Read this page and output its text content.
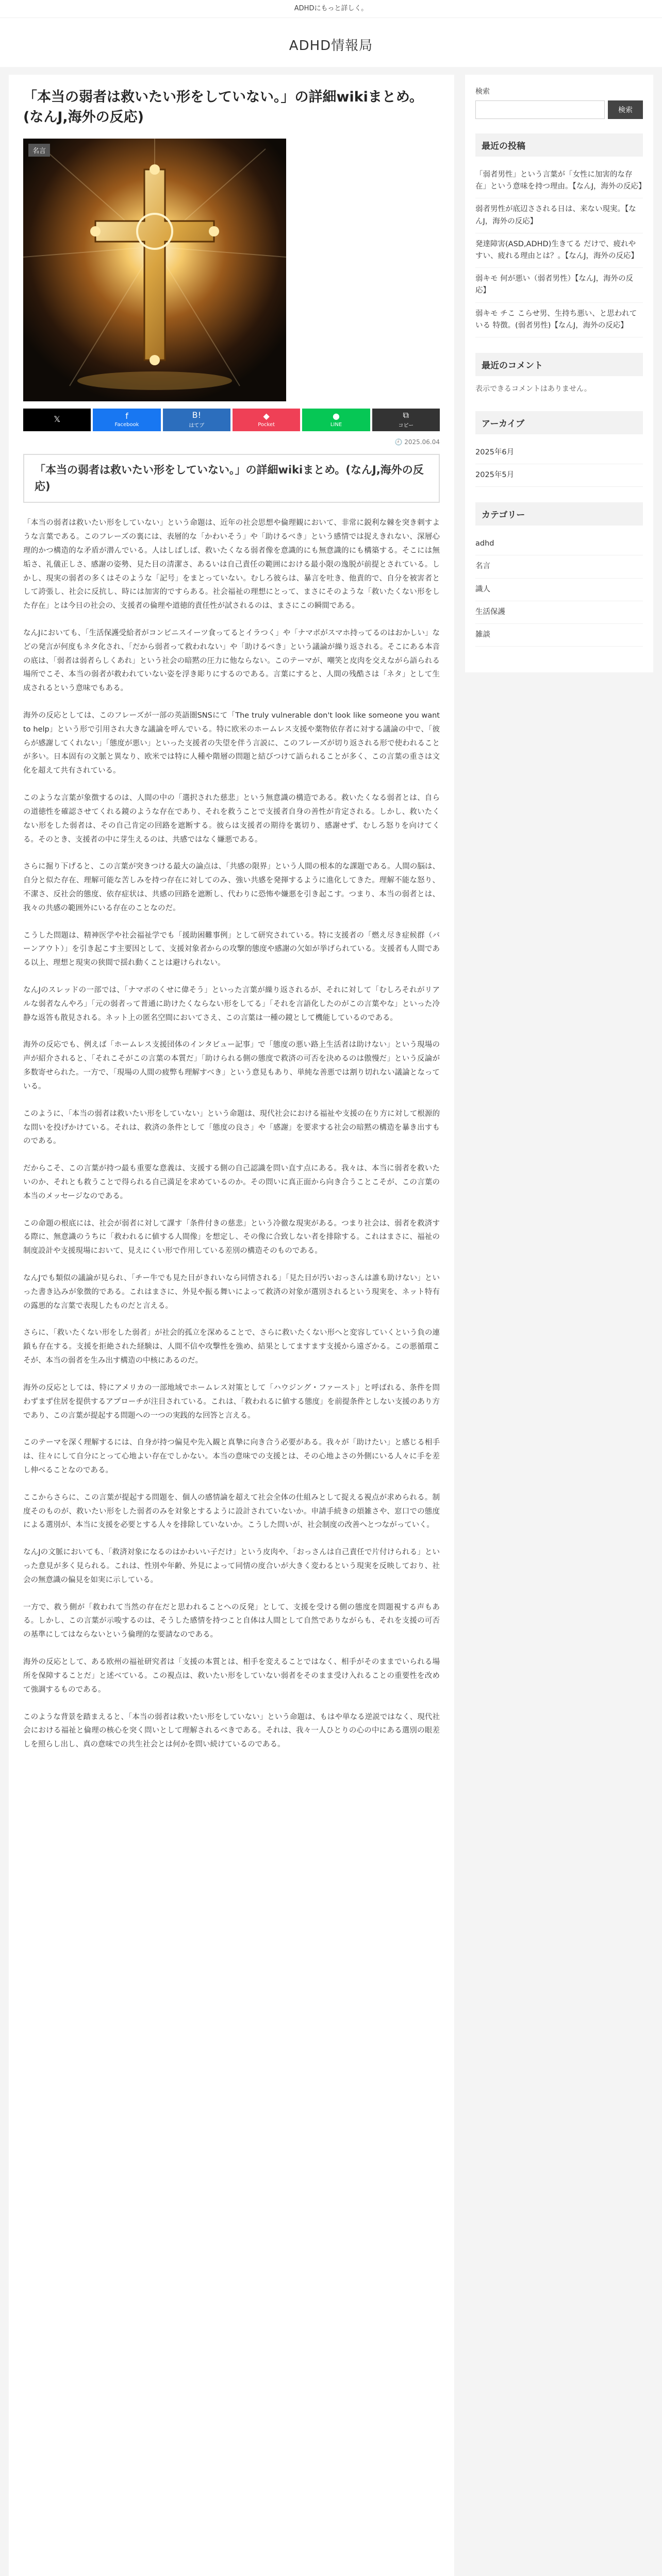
ADHDにもっと詳しく。
ADHD情報局
「本当の弱者は救いたい形をしていない。」の詳細wikiまとめ。(なんJ,海外の反応)
名言
𝕏	f
Facebook
B!
はてブ
◆
Pocket
●
LINE
⧉
コピー
🕘 2025.06.04
「本当の弱者は救いたい形をしていない。」の詳細wikiまとめ。(なんJ,海外の反応)

「本当の弱者は救いたい形をしていない」という命題は、近年の社会思想や倫理観において、非常に鋭利な棘を突き刺すような言葉である。このフレーズの裏には、表層的な「かわいそう」や「助けるべき」という感情では捉えきれない、深層心理的かつ構造的な矛盾が潜んでいる。人はしばしば、救いたくなる弱者像を意識的にも無意識的にも構築する。そこには無垢さ、礼儀正しさ、感謝の姿勢、見た目の清潔さ、あるいは自己責任の範囲における最小限の逸脱が前提とされている。しかし、現実の弱者の多くはそのような「記号」をまとっていない。むしろ彼らは、暴言を吐き、他責的で、自分を被害者として誇張し、社会に反抗し、時には加害的ですらある。社会福祉の理想にとって、まさにそのような「救いたくない形をした存在」とは今日の社会の、支援者の倫理や道徳的責任性が試されるのは、まさにこの瞬間である。

なんJにおいても、「生活保護受給者がコンビニスイーツ食ってるとイラつく」や「ナマポがスマホ持ってるのはおかしい」などの発言が何度もネタ化され、「だから弱者って救われない」や「助けるべき」という議論が繰り返される。そこにある本音の底は、「弱者は弱者らしくあれ」という社会の暗黙の圧力に他ならない。このテーマが、嘲笑と皮肉を交えながら語られる場所でこそ、本当の弱者が救われていない姿を浮き彫りにするのである。言葉にすると、人間の残酷さは「ネタ」として生成されるという意味でもある。

海外の反応としては、このフレーズが一部の英語圏SNSにて「The truly vulnerable don't look like someone you want to help」という形で引用され大きな議論を呼んでいる。特に欧米のホームレス支援や薬物依存者に対する議論の中で、「彼らが感謝してくれない」「態度が悪い」といった支援者の失望を伴う言説に、このフレーズが切り返される形で使われることが多い。日本固有の文脈と異なり、欧米では特に人種や階層の問題と結びつけて語られることが多く、この言葉の重さは文化を超えて共有されている。

このような言葉が象徴するのは、人間の中の「選択された慈悲」という無意識の構造である。救いたくなる弱者とは、自らの道徳性を確認させてくれる鏡のような存在であり、それを救うことで支援者自身の善性が肯定される。しかし、救いたくない形をした弱者は、その自己肯定の回路を遮断する。彼らは支援者の期待を裏切り、感謝せず、むしろ怒りを向けてくる。そのとき、支援者の中に芽生えるのは、共感ではなく嫌悪である。

さらに掘り下げると、この言葉が突きつける最大の論点は、「共感の限界」という人間の根本的な課題である。人間の脳は、自分と似た存在、理解可能な苦しみを持つ存在に対してのみ、強い共感を発揮するように進化してきた。理解不能な怒り、不潔さ、反社会的態度、依存症状は、共感の回路を遮断し、代わりに恐怖や嫌悪を引き起こす。つまり、本当の弱者とは、我々の共感の範囲外にいる存在のことなのだ。

こうした問題は、精神医学や社会福祉学でも「援助困難事例」として研究されている。特に支援者の「燃え尽き症候群（バーンアウト）」を引き起こす主要因として、支援対象者からの攻撃的態度や感謝の欠如が挙げられている。支援者も人間である以上、理想と現実の狭間で揺れ動くことは避けられない。

なんJのスレッドの一部では、「ナマポのくせに偉そう」といった言葉が繰り返されるが、それに対して「むしろそれがリアルな弱者なんやろ」「元の弱者って普通に助けたくならない形をしてる」「それを言語化したのがこの言葉やな」といった冷静な返答も散見される。ネット上の匿名空間においてさえ、この言葉は一種の鏡として機能しているのである。

海外の反応でも、例えば「ホームレス支援団体のインタビュー記事」で「態度の悪い路上生活者は助けない」という現場の声が紹介されると、「それこそがこの言葉の本質だ」「助けられる側の態度で救済の可否を決めるのは傲慢だ」という反論が多数寄せられた。一方で、「現場の人間の疲弊も理解すべき」という意見もあり、単純な善悪では割り切れない議論となっている。

このように、「本当の弱者は救いたい形をしていない」という命題は、現代社会における福祉や支援の在り方に対して根源的な問いを投げかけている。それは、救済の条件として「態度の良さ」や「感謝」を要求する社会の暗黙の構造を暴き出すものである。

だからこそ、この言葉が持つ最も重要な意義は、支援する側の自己認識を問い直す点にある。我々は、本当に弱者を救いたいのか、それとも救うことで得られる自己満足を求めているのか。その問いに真正面から向き合うことこそが、この言葉の本当のメッセージなのである。

この命題の根底には、社会が弱者に対して課す「条件付きの慈悲」という冷徹な現実がある。つまり社会は、弱者を救済する際に、無意識のうちに「救われるに値する人間像」を想定し、その像に合致しない者を排除する。これはまさに、福祉の制度設計や支援現場において、見えにくい形で作用している差別の構造そのものである。

なんJでも類似の議論が見られ、「チー牛でも見た目がきれいなら同情される」「見た目が汚いおっさんは誰も助けない」といった書き込みが象徴的である。これはまさに、外見や振る舞いによって救済の対象が選別されるという現実を、ネット特有の露悪的な言葉で表現したものだと言える。

さらに、「救いたくない形をした弱者」が社会的孤立を深めることで、さらに救いたくない形へと変容していくという負の連鎖も存在する。支援を拒絶された経験は、人間不信や攻撃性を強め、結果としてますます支援から遠ざかる。この悪循環こそが、本当の弱者を生み出す構造の中核にあるのだ。

海外の反応としては、特にアメリカの一部地域でホームレス対策として「ハウジング・ファースト」と呼ばれる、条件を問わずまず住居を提供するアプローチが注目されている。これは、「救われるに値する態度」を前提条件としない支援のあり方であり、この言葉が提起する問題への一つの実践的な回答と言える。

このテーマを深く理解するには、自身が持つ偏見や先入観と真摯に向き合う必要がある。我々が「助けたい」と感じる相手は、往々にして自分にとって心地よい存在でしかない。本当の意味での支援とは、その心地よさの外側にいる人々に手を差し伸べることなのである。

ここからさらに、この言葉が提起する問題を、個人の感情論を超えて社会全体の仕組みとして捉える視点が求められる。制度そのものが、救いたい形をした弱者のみを対象とするように設計されていないか。申請手続きの煩雑さや、窓口での態度による選別が、本当に支援を必要とする人々を排除していないか。こうした問いが、社会制度の改善へとつながっていく。

なんJの文脈においても、「救済対象になるのはかわいい子だけ」という皮肉や、「おっさんは自己責任で片付けられる」といった意見が多く見られる。これは、性別や年齢、外見によって同情の度合いが大きく変わるという現実を反映しており、社会の無意識の偏見を如実に示している。

一方で、救う側が「救われて当然の存在だと思われることへの反発」として、支援を受ける側の態度を問題視する声もある。しかし、この言葉が示唆するのは、そうした感情を持つこと自体は人間として自然でありながらも、それを支援の可否の基準にしてはならないという倫理的な要請なのである。

海外の反応として、ある欧州の福祉研究者は「支援の本質とは、相手を変えることではなく、相手がそのままでいられる場所を保障することだ」と述べている。この視点は、救いたい形をしていない弱者をそのまま受け入れることの重要性を改めて強調するものである。

このような背景を踏まえると、「本当の弱者は救いたい形をしていない」という命題は、もはや単なる逆説ではなく、現代社会における福祉と倫理の核心を突く問いとして理解されるべきである。それは、我々一人ひとりの心の中にある選別の眼差しを照らし出し、真の意味での共生社会とは何かを問い続けているのである。

検索
検索
最近の投稿
「弱者男性」という言葉が「女性に加害的な存在」という意味を持つ理由。【なんJ，海外の反応】
弱者男性が底辺さされる日は、来ない現実。【なんJ，海外の反応】
発達障害(ASD,ADHD)生きてる だけで、疲れやすい、疲れる理由とは？。【なんJ，海外の反応】
弱キモ 何が悪い（弱者男性）【なんJ，海外の反応】
弱キモ チこ こらせ男、生持ち悪い、と思われている 特徴。(弱者男性)【なんJ，海外の反応】
最近のコメント
表示できるコメントはありません。
アーカイブ
2025年6月
2025年5月
カテゴリー
adhd
名言
識人
生活保護
雑談
